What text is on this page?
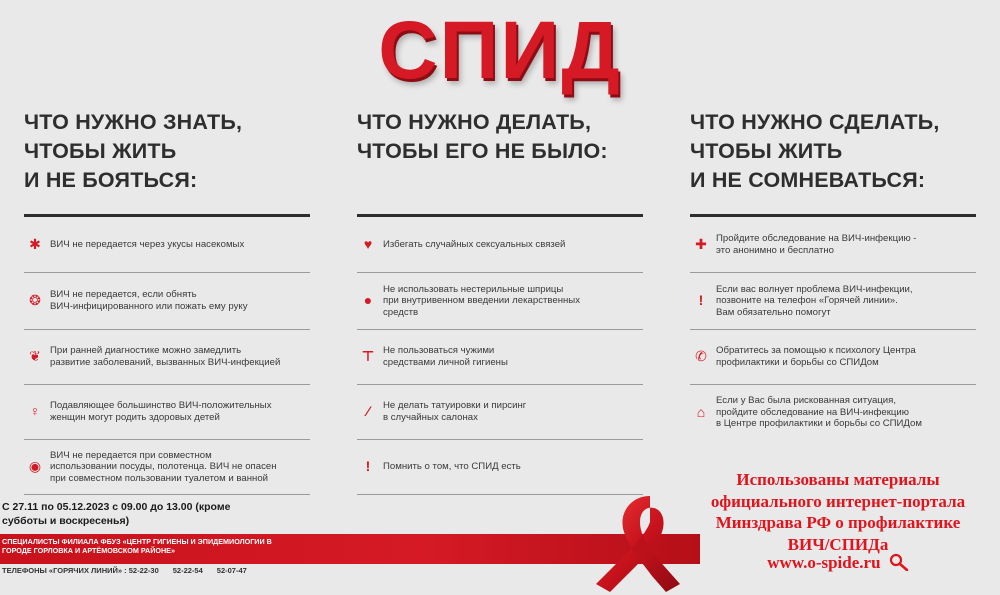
СПИД
ЧТО НУЖНО ЗНАТЬ,
ЧТОБЫ ЖИТЬ
И НЕ БОЯТЬСЯ:
✱ ВИЧ не передается через укусы насекомых
❂ ВИЧ не передается, если обнять
ВИЧ-инфицированного или пожать ему руку
❦ При ранней диагностике можно замедлить
развитие заболеваний, вызванных ВИЧ-инфекцией
♀	Подавляющее большинство ВИЧ-положительных
женщин могут родить здоровых детей
◉
ВИЧ не передается при совместном
использовании посуды, полотенца. ВИЧ не опасен
при совместном пользовании туалетом и ванной
ЧТО НУЖНО ДЕЛАТЬ,
ЧТОБЫ ЕГО НЕ БЫЛО:
♥	Избегать случайных сексуальных связей
●
Не использовать нестерильные шприцы
при внутривенном введении лекарственных
средств
⊤ Не пользоваться чужими
средствами личной гигиены
⁄	Не делать татуировки и пирсинг
в случайных салонах
!	Помнить о том, что СПИД есть
ЧТО НУЖНО СДЕЛАТЬ,
ЧТОБЫ ЖИТЬ
И НЕ СОМНЕВАТЬСЯ:
✚ Пройдите обследование на ВИЧ-инфекцию -
это анонимно и бесплатно
!
Если вас волнует проблема ВИЧ-инфекции,
позвоните на телефон «Горячей линии».
Вам обязательно помогут
✆ Обратитесь за помощью к психологу Центра
профилактики и борьбы со СПИДом
⌂
Если у Вас была рискованная ситуация,
пройдите обследование на ВИЧ-инфекцию
в Центре профилактики и борьбы со СПИДом
Использованы материалы
официального интернет-портала
Минздрава РФ о профилактике
ВИЧ/СПИДа
www.o-spide.ru
С 27.11 по 05.12.2023 с 09.00 до 13.00 (кроме
субботы и воскресенья)
СПЕЦИАЛИСТЫ ФИЛИАЛА ФБУЗ «ЦЕНТР ГИГИЕНЫ И ЭПИДЕМИОЛОГИИ В
ГОРОДЕ ГОРЛОВКА И АРТЁМОВСКОМ РАЙОНЕ»
ТЕЛЕФОНЫ «ГОРЯЧИХ ЛИНИЙ» : 52-22-30 52-22-54 52-07-47
